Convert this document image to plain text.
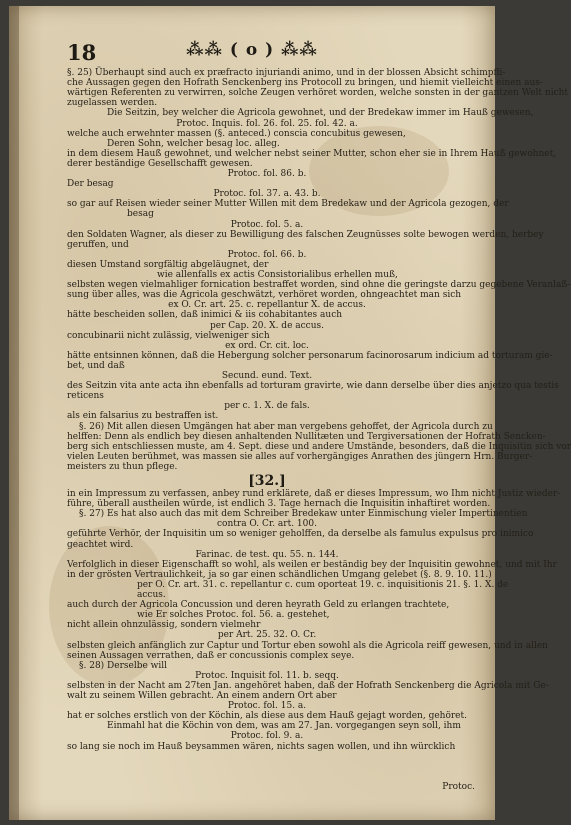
18	⁂⁂ ( o ) ⁂⁂
§. 25) Überhaupt sind auch ex præfracto injuriandi animo, und in der blossen Absicht schimpfli-
che Aussagen gegen den Hofrath Senckenberg ins Protocoll zu bringen, und hiemit vielleicht einen aus-
wärtigen Referenten zu verwirren, solche Zeugen verhöret worden, welche sonsten in der gantzen Welt nicht
zugelassen werden.
Die Seitzin, bey welcher die Agricola gewohnet, und der Bredekaw immer im Hauß gewesen,
Protoc. Inquis. fol. 26. fol. 25. fol. 42. a.
welche auch erwehnter massen (§. anteced.) conscia concubitus gewesen,
Deren Sohn, welcher besag loc. alleg.
in dem diesem Hauß gewohnet, und welcher nebst seiner Mutter, schon eher sie in Ihrem Hauß gewohnet,
derer beständige Gesellschafft gewesen.
Protoc. fol. 86. b.
Der besag
Protoc. fol. 37. a. 43. b.
so gar auf Reisen wieder seiner Mutter Willen mit dem Bredekaw und der Agricola gezogen, der
besag
Protoc. fol. 5. a.
den Soldaten Wagner, als dieser zu Bewilligung des falschen Zeugnüsses solte bewogen werden, herbey
geruffen, und
Protoc. fol. 66. b.
diesen Umstand sorgfältig abgeläugnet, der
wie allenfalls ex actis Consistorialibus erhellen muß,
selbsten wegen vielmahliger fornication bestraffet worden, sind ohne die geringste darzu gegebene Veranlaß-
sung über alles, was die Agricola geschwätzt, verhöret worden, ohngeachtet man sich
ex O. Cr. art. 25. c. repellantur X. de accus.
hätte bescheiden sollen, daß inimici & iis cohabitantes auch
per Cap. 20. X. de accus.
concubinarii nicht zulässig, vielweniger sich
ex ord. Cr. cit. loc.
hätte entsinnen können, daß die Hebergung solcher personarum facinorosarum indicium ad torturam gie-
bet, und daß
Secund. eund. Text.
des Seitzin vita ante acta ihn ebenfalls ad torturam gravirte, wie dann derselbe über dies anjetzo qua testis
reticens
per c. 1. X. de fals.
als ein falsarius zu bestraffen ist.
§. 26) Mit allen diesen Umgängen hat aber man vergebens gehoffet, der Agricola durch zu
helffen: Denn als endlich bey diesen anhaltenden Nullitæten und Tergiversationen der Hofrath Sencken-
berg sich entschliessen muste, am 4. Sept. diese und andere Umstände, besonders, daß die Inquisitin sich vor
vielen Leuten berühmet, was massen sie alles auf vorhergängiges Anrathen des jüngern Hrn. Burger-
meisters zu thun pflege.
[32.]
in ein Impressum zu verfassen, anbey rund erklärete, daß er dieses Impressum, wo Ihm nicht Justiz wieder-
führe, überall austheilen würde, ist endlich 3. Tage hernach die Inquisitin inhaftiret worden.
§. 27) Es hat also auch das mit dem Schreiber Bredekaw unter Einmischung vieler Impertinentien
contra O. Cr. art. 100.
geführte Verhör, der Inquisitin um so weniger geholffen, da derselbe als famulus expulsus pro inimico
geachtet wird.
Farinac. de test. qu. 55. n. 144.
Verfolglich in dieser Eigenschafft so wohl, als weilen er beständig bey der Inquisitin gewohnet, und mit Ihr
in der grösten Vertraulichkeit, ja so gar einen schändlichen Umgang gelebet (§. 8. 9. 10. 11.)
per O. Cr. art. 31. c. repellantur c. cum oporteat 19. c. inquisitionis 21. §. 1. X. de
accus.
auch durch der Agricola Concussion und deren heyrath Geld zu erlangen trachtete,
wie Er solches Protoc. fol. 56. a. gestehet,
nicht allein ohnzulässig, sondern vielmehr
per Art. 25. 32. O. Cr.
selbsten gleich anfänglich zur Captur und Tortur eben sowohl als die Agricola reiff gewesen, und in allen
seinen Aussagen verrathen, daß er concussionis complex seye.
§. 28) Derselbe will
Protoc. Inquisit fol. 11. b. seqq.
selbsten in der Nacht am 27ten Jan. angehöret haben, daß der Hofrath Senckenberg die Agricola mit Ge-
walt zu seinem Willen gebracht. An einem andern Ort aber
Protoc. fol. 15. a.
hat er solches erstlich von der Köchin, als diese aus dem Hauß gejagt worden, gehöret.
Einmahl hat die Köchin von dem, was am 27. Jan. vorgegangen seyn soll, ihm
Protoc. fol. 9. a.
so lang sie noch im Hauß beysammen wären, nichts sagen wollen, und ihn würcklich
Protoc.
